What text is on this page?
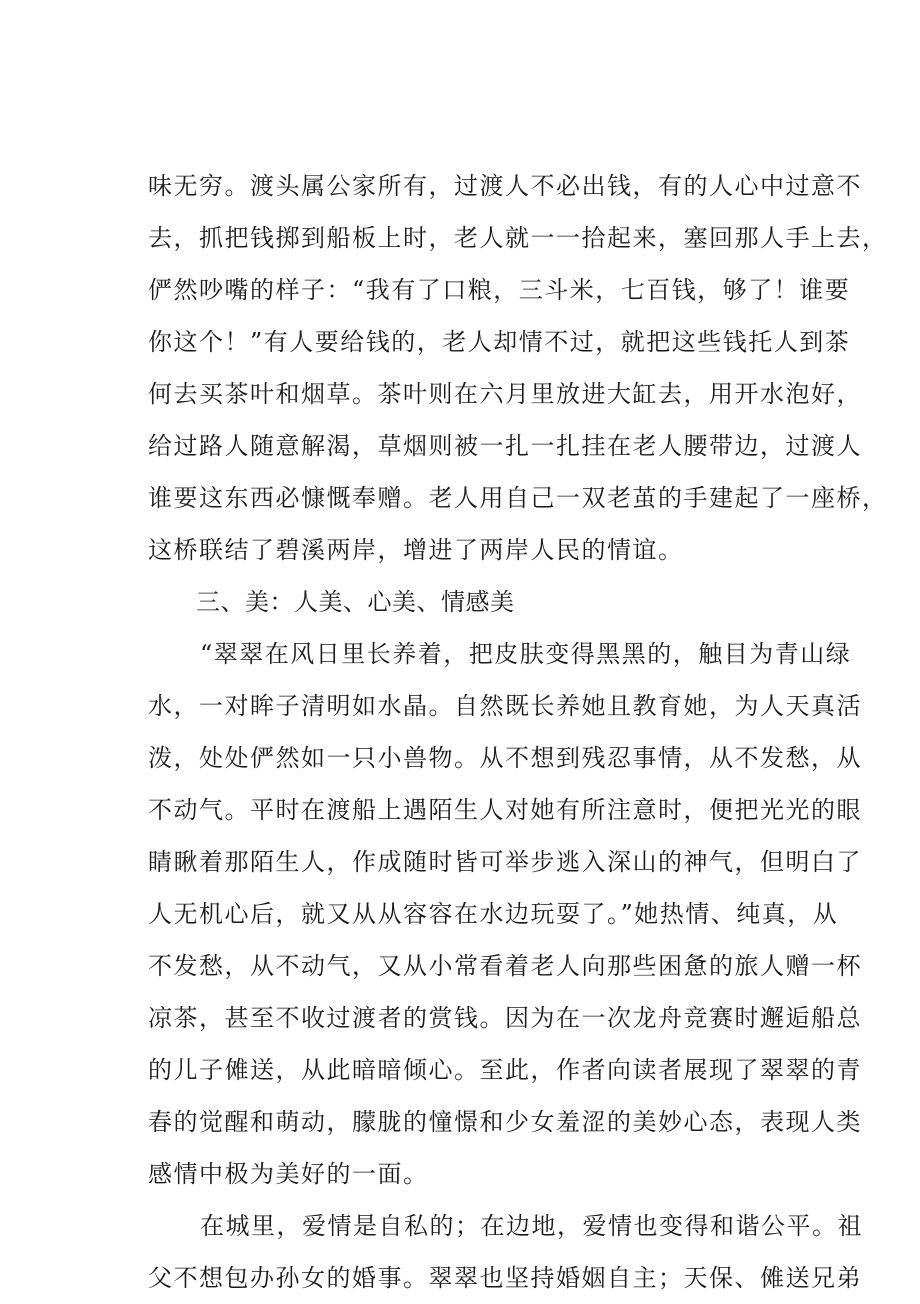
味无穷。渡头属公家所有，过渡人不必出钱，有的人心中过意不
去，抓把钱掷到船板上时，老人就一一拾起来，塞回那人手上去，
俨然吵嘴的样子：“我有了口粮，三斗米，七百钱，够了！谁要
你这个！”有人要给钱的，老人却情不过，就把这些钱托人到茶
何去买茶叶和烟草。茶叶则在六月里放进大缸去，用开水泡好，
给过路人随意解渴，草烟则被一扎一扎挂在老人腰带边，过渡人
谁要这东西必慷慨奉赠。老人用自己一双老茧的手建起了一座桥，
这桥联结了碧溪两岸，增进了两岸人民的情谊。
三、美：人美、心美、情感美
“翠翠在风日里长养着，把皮肤变得黑黑的，触目为青山绿
水，一对眸子清明如水晶。自然既长养她且教育她，为人天真活
泼，处处俨然如一只小兽物。从不想到残忍事情，从不发愁，从
不动气。平时在渡船上遇陌生人对她有所注意时，便把光光的眼
睛瞅着那陌生人，作成随时皆可举步逃入深山的神气，但明白了
人无机心后，就又从从容容在水边玩耍了。”她热情、纯真，从
不发愁，从不动气，又从小常看着老人向那些困惫的旅人赠一杯
凉茶，甚至不收过渡者的赏钱。因为在一次龙舟竞赛时邂逅船总
的儿子傩送，从此暗暗倾心。至此，作者向读者展现了翠翠的青
春的觉醒和萌动，朦胧的憧憬和少女羞涩的美妙心态，表现人类
感情中极为美好的一面。
在城里，爱情是自私的；在边地，爱情也变得和谐公平。祖
父不想包办孙女的婚事。翠翠也坚持婚姻自主；天保、傩送兄弟
